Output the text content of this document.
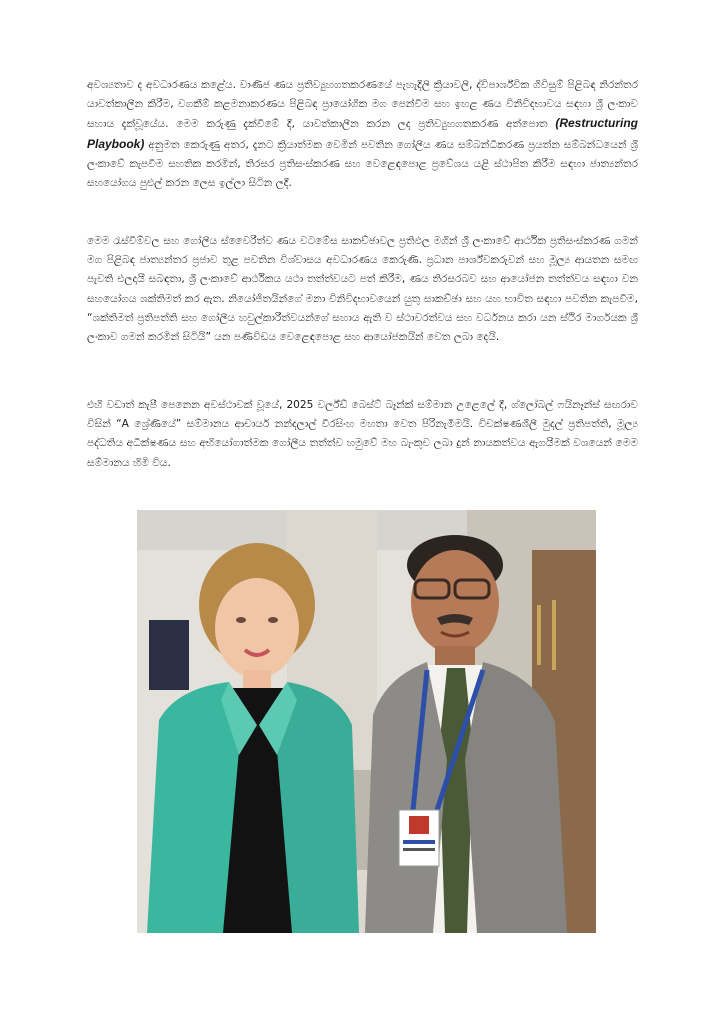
අවශ්‍යතාව ද අවධාරණය කළේය. වාණිජ ණය ප්‍රතිව්‍යුහගතකරණයේ පැහැදිලි ක්‍රියාවලි, ද්විපාර්ශ්වික ගිවිසුම් පිළිබඳ නිරන්තර යාවත්කාලීන කිරීම, වගකීම් කළමනාකරණය පිළිබඳ ප්‍රායෝගික මග පෙන්වීම සහ ඉහළ ණය විනිවිදභාවය සඳහා ශ්‍රී ලංකාව සහාය දැක්වූයේය. මෙම කරුණු දැක්වීමේ දී, යාවත්කාලීන කරන ලද ප්‍රතිව්‍යුහගතකරණ අත්පොත (Restructuring Playbook) අනුමත කෙරුණු අතර, දැනට ක්‍රියාත්මක වෙමින් පවතින ගෝලීය ණය සම්බන්ධීකරණ ප්‍රයත්න සම්බන්ධයෙන් ශ්‍රී ලංකාවේ කැපවීම සහතික කරමින්, තිරසර ප්‍රතිසංස්කරණ සහ වෙළෙඳපොළ ප්‍රවේශය යළි ස්ථාපිත කිරීම සඳහා ජාත්‍යන්තර සහයෝගය පුළුල් කරන ලෙස ඉල්ලා සිටින ලදී.

මෙම රැස්වීම්වල සහ ගෝලීය ස්වෛරීත්ව ණය වටමේස සාකච්ඡාවල ප්‍රතිඵල මගින් ශ්‍රී ලංකාවේ ආර්ථික ප්‍රතිසංස්කරණ ගමන් මග පිළිබඳ ජාත්‍යන්තර ප්‍රජාව තුළ පවතින විශ්වාසය අවධාරණය කෙරුණි. ප්‍රධාන පාර්ශ්වකරුවන් සහ මූල්‍ය ආයතන සමඟ පැවති එලදායී සබඳතා, ශ්‍රී ලංකාවේ ආර්ථිකය යථා තත්ත්වයට පත් කිරීම, ණය තිරසරබව සහ ආයෝජන තත්ත්වය සඳහා වන සහයෝගය ශක්තිමත් කර ඇත. නියෝජිතයින්ගේ මනා විනිවිදභාවයෙන් යුතු සාකච්ඡා සහ යහ භාවිත සඳහා පවතින කැපවීම, “ශක්තිමත් ප්‍රතිපත්ති සහ ගෝලීය හවුල්කාරීත්වයන්ගේ සහාය ඇති ව ස්ථාවරත්වය සහ වර්ධනය කරා යන ස්ථිර මාර්ගයක ශ්‍රී ලංකාව ගමන් කරමින් සිටියි” යන පණිවිඩය වෙළෙඳපොළ සහ ආයෝජකයින් වෙත ලබා දෙයි.

එහි වඩාත් කැපී පෙනෙන අවස්ථාවක් වූයේ, 2025 වර්ල්ඩ් බෙස්ට් බෑන්ක් සම්මාන උළෙලේ දී, ග්ලෝබල් ෆයිනෑන්ස් සඟරාව විසින් “A ශ්‍රේණියේ” සම්මානය ආචාර්ය නන්දලාල් වීරසිංහ මහතා වෙත පිරිනැමීමයි. විචක්ෂණශීලී මුදල් ප්‍රතිපත්ති, මූල්‍ය පද්ධතිය අධීක්ෂණය සහ අභියෝගාත්මක ගෝලීය තත්ත්ව හමුවේ මහ බැංකුව ලබා දුන් නායකත්වය ඇගයීමක් වශයෙන් මෙම සම්මානය හිමි විය.
